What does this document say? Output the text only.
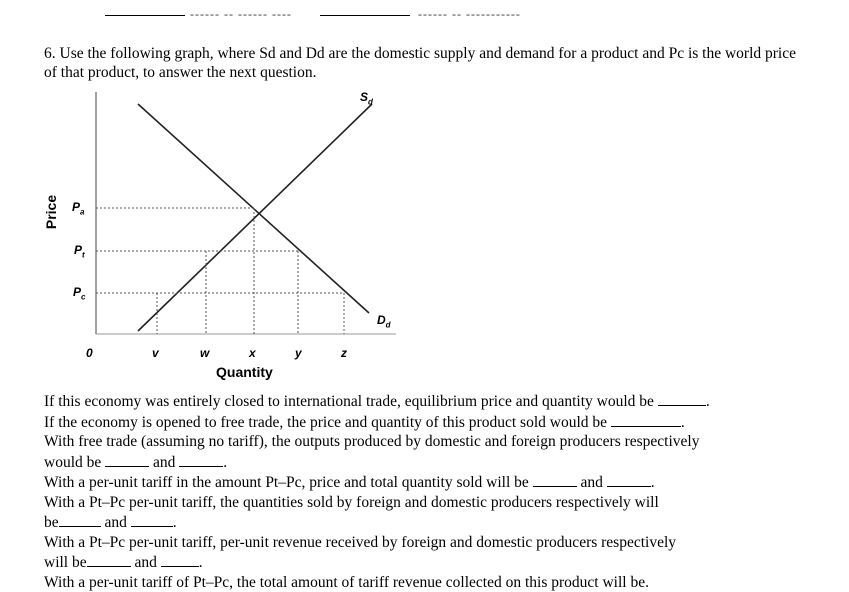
------ -- ------ ----	------ -- -----------
6. Use the following graph, where Sd and Dd are the domestic supply and demand for a product and Pc is the world price of that product, to answer the next question.
Price
$S_d$
$D_d$
$P_a$
$P_t$
$P_c$
0	v	w	x	y	z
Quantity

If this economy was entirely closed to international trade, equilibrium price and quantity would be	.

If the economy is opened to free trade, the price and quantity of this product sold would be	.

With free trade (assuming no tariff), the outputs produced by domestic and foreign producers respectively

would be	and	.

With a per-unit tariff in the amount Pt–Pc, price and total quantity sold will be	and	.

With a Pt–Pc per-unit tariff, the quantities sold by foreign and domestic producers respectively will

be	and	.

With a Pt–Pc per-unit tariff, per-unit revenue received by foreign and domestic producers respectively

will be	and	.

With a per-unit tariff of Pt–Pc, the total amount of tariff revenue collected on this product will be.
